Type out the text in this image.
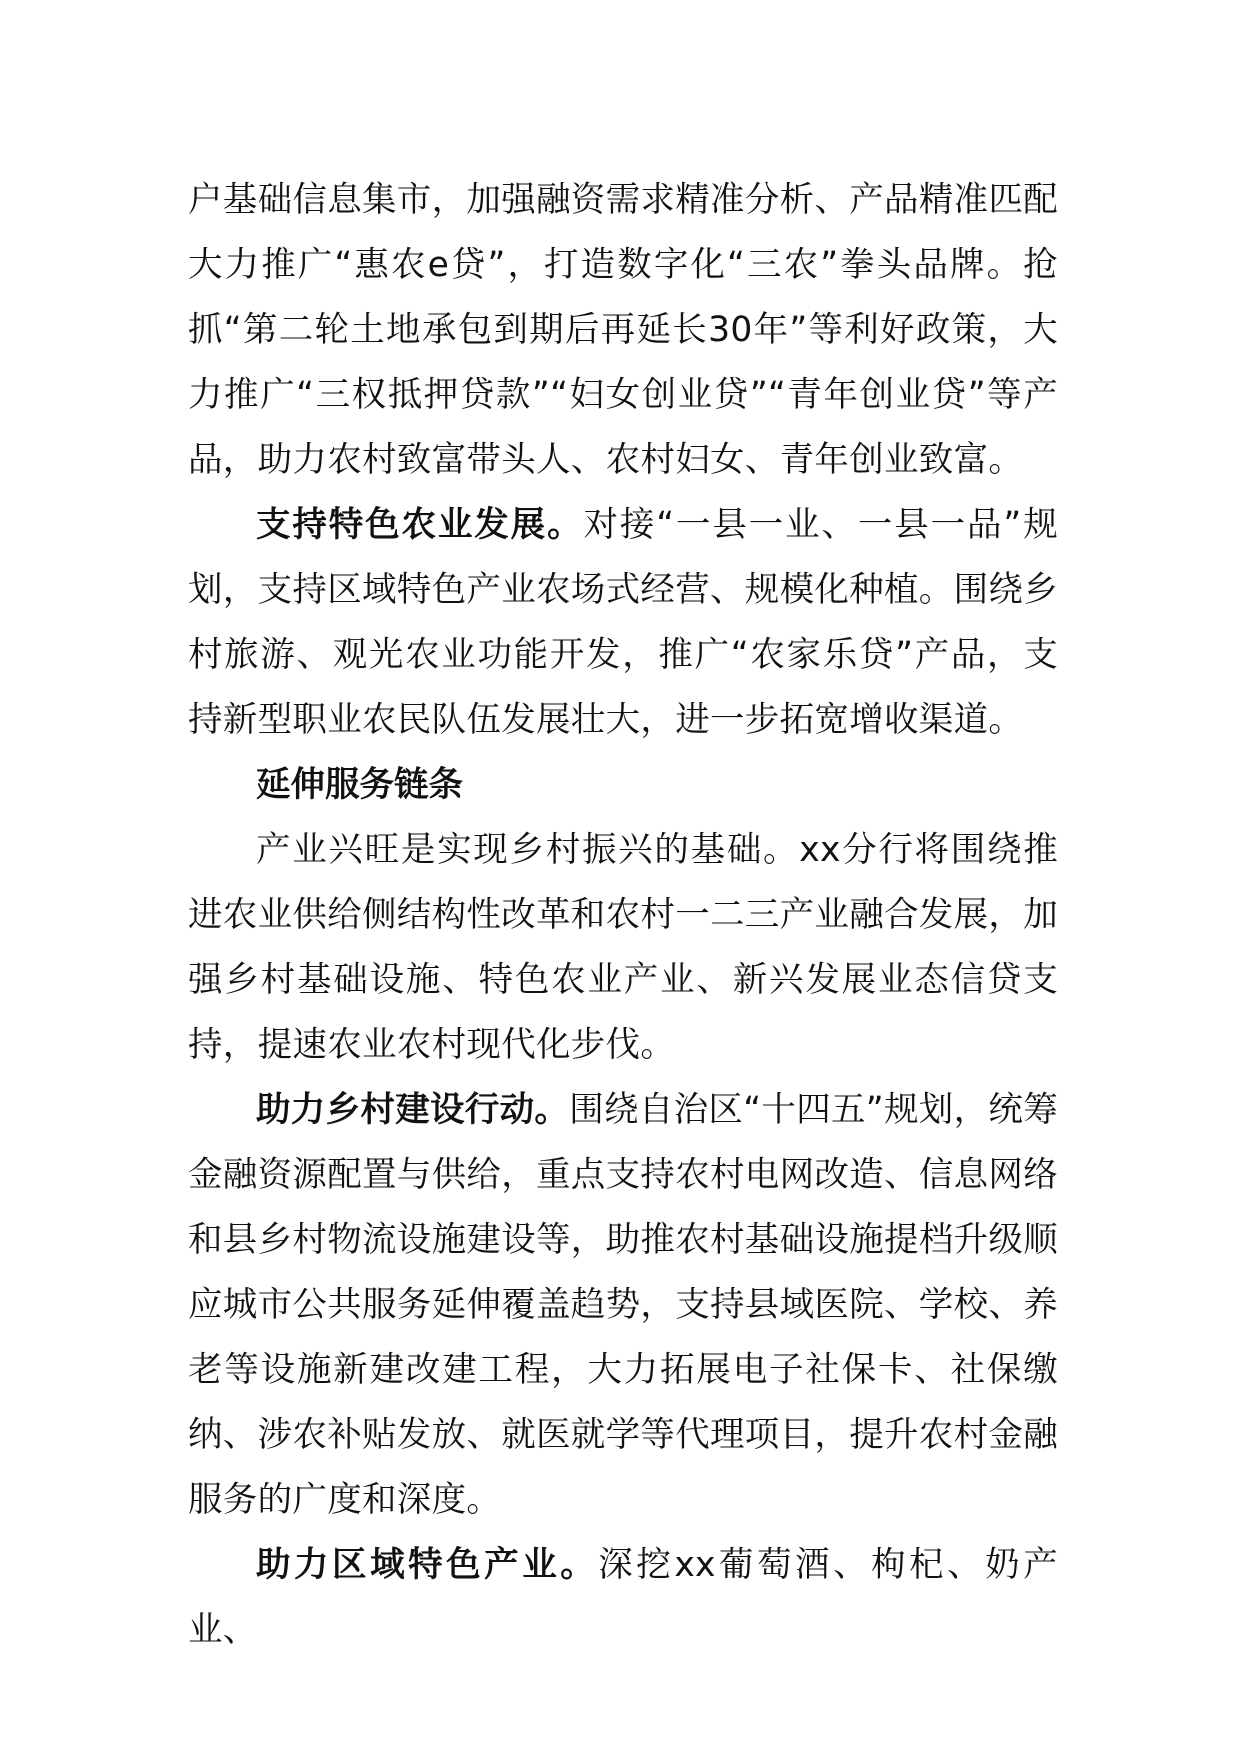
户基础信息集市，加强融资需求精准分析、产品精准匹配大力推广“惠农e贷”，打造数字化“三农”拳头品牌。抢抓“第二轮土地承包到期后再延长30年”等利好政策，大力推广“三权抵押贷款”“妇女创业贷”“青年创业贷”等产品，助力农村致富带头人、农村妇女、青年创业致富。

支持特色农业发展。对接“一县一业、一县一品”规划，支持区域特色产业农场式经营、规模化种植。围绕乡村旅游、观光农业功能开发，推广“农家乐贷”产品，支持新型职业农民队伍发展壮大，进一步拓宽增收渠道。

延伸服务链条

产业兴旺是实现乡村振兴的基础。xx分行将围绕推进农业供给侧结构性改革和农村一二三产业融合发展，加强乡村基础设施、特色农业产业、新兴发展业态信贷支持，提速农业农村现代化步伐。

助力乡村建设行动。围绕自治区“十四五”规划，统筹金融资源配置与供给，重点支持农村电网改造、信息网络和县乡村物流设施建设等，助推农村基础设施提档升级顺应城市公共服务延伸覆盖趋势，支持县域医院、学校、养老等设施新建改建工程，大力拓展电子社保卡、社保缴纳、涉农补贴发放、就医就学等代理项目，提升农村金融服务的广度和深度。

助力区域特色产业。深挖xx葡萄酒、枸杞、奶产业、
